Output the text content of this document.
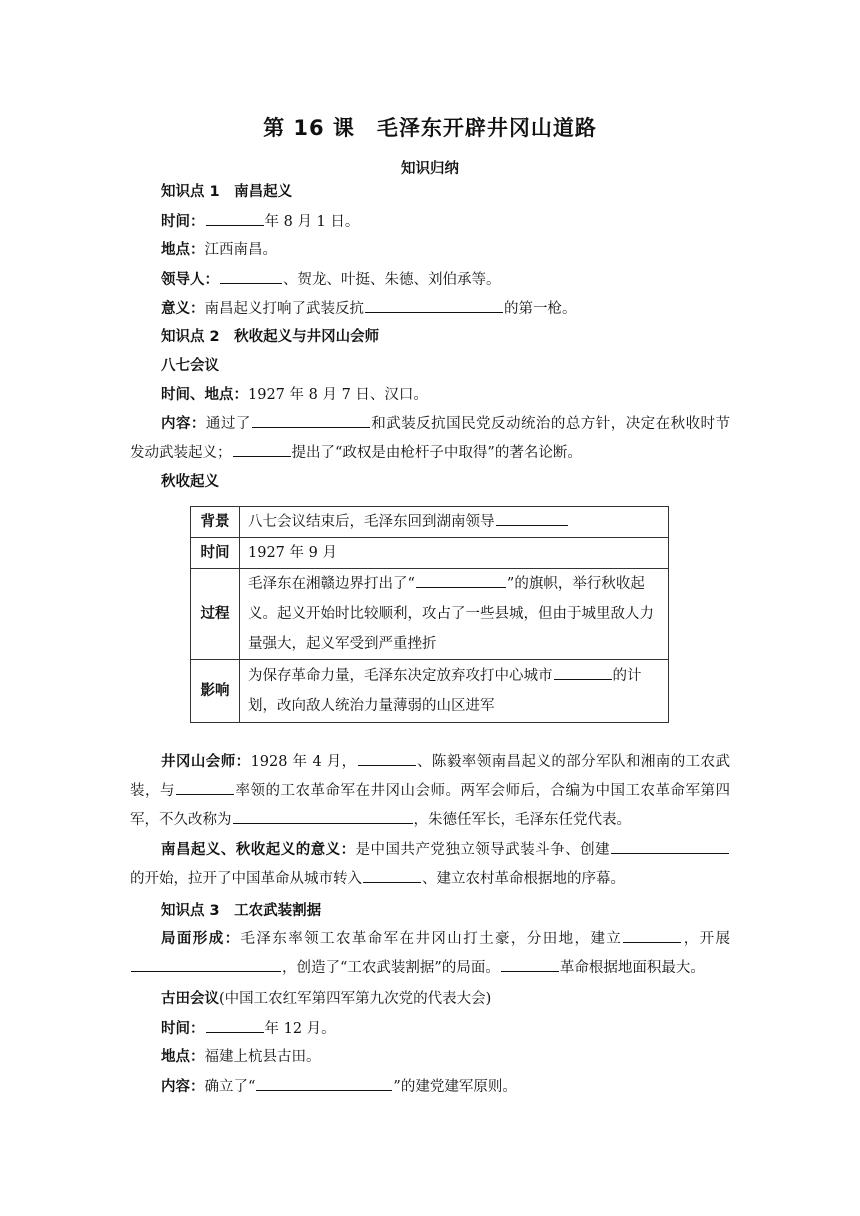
第 16 课　毛泽东开辟井冈山道路
知识归纳
知识点 1　南昌起义
时间：	年 8 月 1 日。
地点：江西南昌。
领导人：	、贺龙、叶挺、朱德、刘伯承等。
意义：南昌起义打响了武装反抗	的第一枪。
知识点 2　秋收起义与井冈山会师
八七会议
时间、地点：1927 年 8 月 7 日、汉口。
内容：通过了	和武装反抗国民党反动统治的总方针，决定在秋收时节发动武装起义；	提出了“政权是由枪杆子中取得”的著名论断。
秋收起义
背景	八七会议结束后，毛泽东回到湖南领导
时间	1927 年 9 月
过程	毛泽东在湘赣边界打出了“ ”的旗帜，举行秋收起义。起义开始时比较顺利，攻占了一些县城，但由于城里敌人力量强大，起义军受到严重挫折
影响	为保存革命力量，毛泽东决定放弃攻打中心城市 的计划，改向敌人统治力量薄弱的山区进军
井冈山会师：1928 年 4 月，	、陈毅率领南昌起义的部分军队和湘南的工农武装，与	率领的工农革命军在井冈山会师。两军会师后，合编为中国工农革命军第四军，不久改称为	，朱德任军长，毛泽东任党代表。
南昌起义、秋收起义的意义：是中国共产党独立领导武装斗争、创建的开始，拉开了中国革命从城市转入	、建立农村革命根据地的序幕。
知识点 3　工农武装割据
局面形成：毛泽东率领工农革命军在井冈山打土豪，分田地，建立	，开展，创造了“工农武装割据”的局面。	革命根据地面积最大。
古田会议(中国工农红军第四军第九次党的代表大会)
时间：	年 12 月。
地点：福建上杭县古田。
内容：确立了“	”的建党建军原则。
